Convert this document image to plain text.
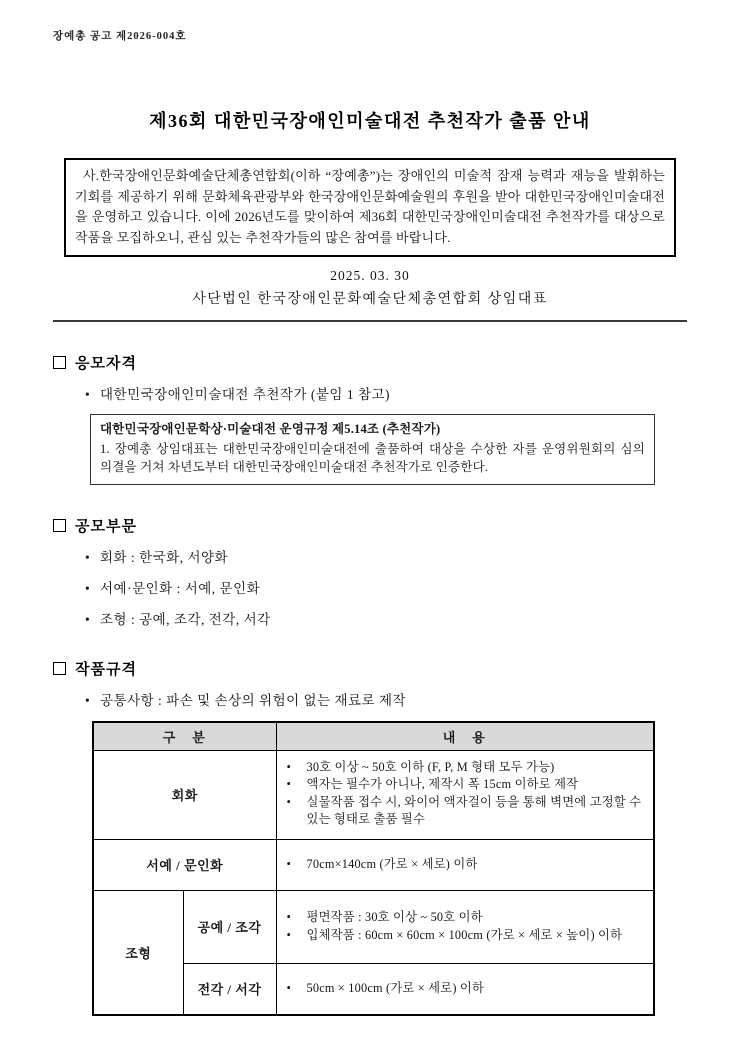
장예총 공고 제2026-004호
제36회 대한민국장애인미술대전 추천작가 출품 안내

사.한국장애인문화예술단체총연합회(이하 “장예총”)는 장애인의 미술적 잠재 능력과 재능을 발휘하는 기회를 제공하기 위해 문화체육관광부와 한국장애인문화예술원의 후원을 받아 대한민국장애인미술대전을 운영하고 있습니다. 이에 2026년도를 맞이하여 제36회 대한민국장애인미술대전 추천작가를 대상으로 작품을 모집하오니, 관심 있는 추천작가들의 많은 참여를 바랍니다.

2025. 03. 30
사단법인 한국장애인문화예술단체총연합회 상임대표
응모자격
• 대한민국장애인미술대전 추천작가 (붙임 1 참고)
대한민국장애인문학상·미술대전 운영규정 제5.14조 (추천작가)
1. 장예총 상임대표는 대한민국장애인미술대전에 출품하여 대상을 수상한 자를 운영위원회의 심의 의결을 거쳐 차년도부터 대한민국장애인미술대전 추천작가로 인증한다.
공모부문
• 회화 : 한국화, 서양화
• 서예·문인화 : 서예, 문인화
• 조형 : 공예, 조각, 전각, 서각
작품규격
• 공통사항 : 파손 및 손상의 위험이 없는 재료로 제작
구　분		내　용
회화	
• 30호 이상 ~ 50호 이하 (F, P, M 형태 모두 가능)
• 액자는 필수가 아니나, 제작시 폭 15cm 이하로 제작
• 실물작품 접수 시, 와이어 액자걸이 등을 통해 벽면에 고정할 수 있는 형태로 출품 필수

서예 / 문인화	
•70cm×140cm (가로 × 세로) 이하

조형	공예 / 조각	
• 평면작품 : 30호 이상 ~ 50호 이하
• 입체작품 : 60cm × 60cm × 100cm (가로 × 세로 × 높이) 이하

전각 / 서각	
•50cm × 100cm (가로 × 세로) 이하
